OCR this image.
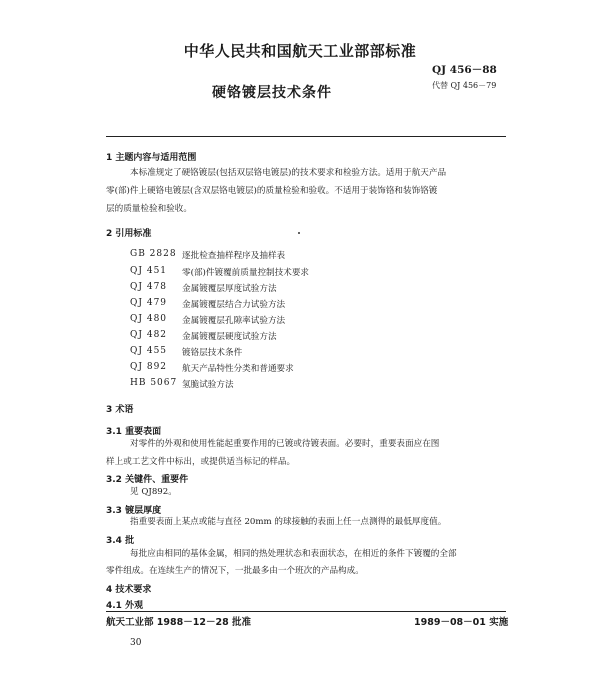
中华人民共和国航天工业部部标准
QJ 456－88
代替 QJ 456－79
硬铬镀层技术条件
1 主题内容与适用范围
本标准规定了硬铬镀层(包括双层铬电镀层)的技术要求和检验方法。适用于航天产品
零(部)件上硬铬电镀层(含双层铬电镀层)的质量检验和验收。不适用于装饰铬和装饰铬镀
层的质量检验和验收。
2 引用标准
GB 2828 逐批检查抽样程序及抽样表
QJ 451 零(部)件镀覆前质量控制技术要求
QJ 478 金属镀覆层厚度试验方法
QJ 479 金属镀覆层结合力试验方法
QJ 480 金属镀覆层孔隙率试验方法
QJ 482 金属镀覆层硬度试验方法
QJ 455 镀铬层技术条件
QJ 892 航天产品特性分类和普通要求
HB 5067 氢脆试验方法
3 术语
3.1 重要表面
对零件的外观和使用性能起重要作用的已镀或待镀表面。必要时，重要表面应在图
样上或工艺文件中标出，或提供适当标记的样品。
3.2 关键件、重要件
见 QJ892。
3.3 镀层厚度
指重要表面上某点或能与直径 20mm 的球接触的表面上任一点测得的最低厚度值。
3.4 批
每批应由相同的基体金属，相同的热处理状态和表面状态，在相近的条件下镀覆的全部
零件组成。在连续生产的情况下，一批最多由一个班次的产品构成。
4 技术要求
4.1 外观
航天工业部 1988－12－28 批准	1989－08－01 实施
30
